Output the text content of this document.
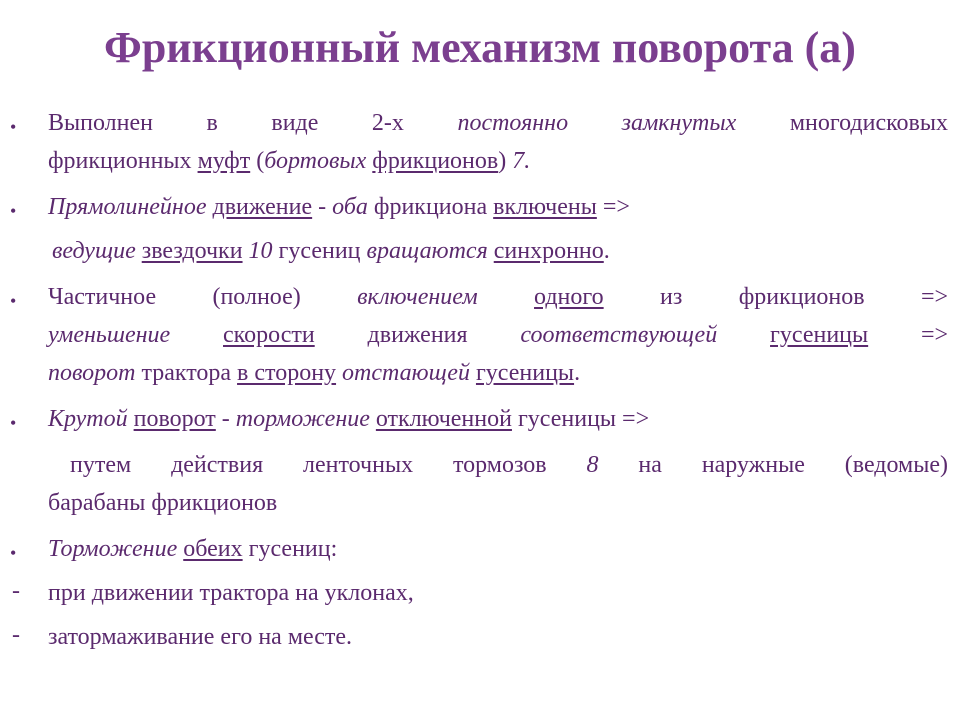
Фрикционный механизм поворота (а)
• Выполнен в виде 2-х постоянно замкнутых многодисковых
фрикционных муфт (бортовых фрикционов) 7.
• Прямолинейное движение - оба фрикциона включены =>
ведущие звездочки 10 гусениц вращаются синхронно.
• Частичное (полное) включением одного из фрикционов =>
уменьшение скорости движения соответствующей гусеницы =>
поворот трактора в сторону отстающей гусеницы.
• Крутой поворот - торможение отключенной гусеницы =>
путем действия ленточных тормозов 8 на наружные (ведомые)
барабаны фрикционов
• Торможение обеих гусениц:
- при движении трактора на уклонах,
- затормаживание его на месте.
